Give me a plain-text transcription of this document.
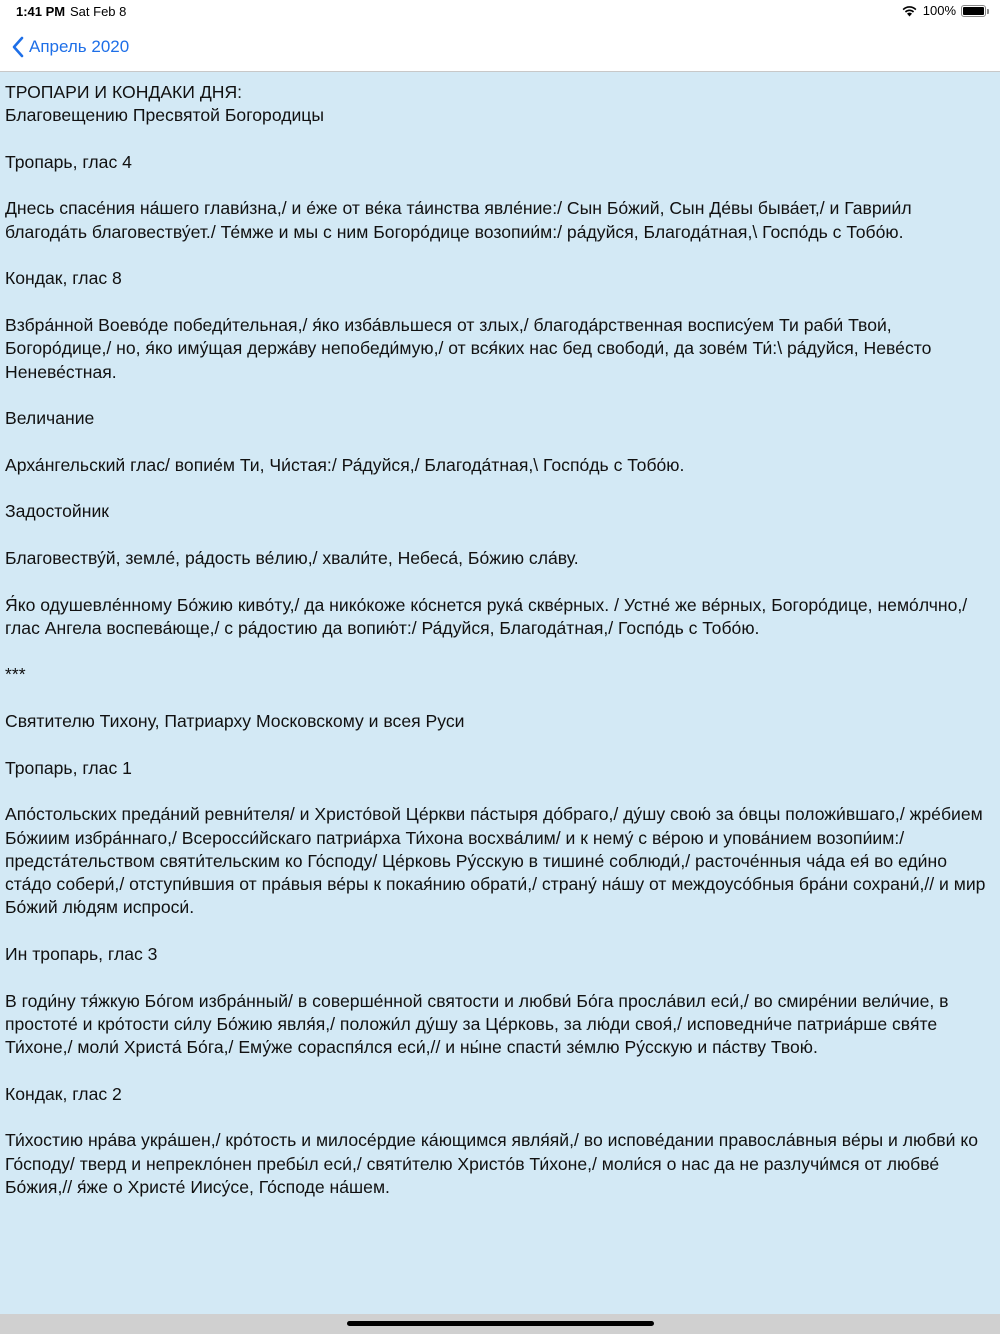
1:41 PM Sat Feb 8	100%
Апрель 2020

ТРОПАРИ И КОНДАКИ ДНЯ:
Благовещению Пресвятой Богородицы

Тропарь, глас 4

Днесь спасе́ния на́шего глави́зна,/ и е́же от ве́ка та́инства явле́ние:/ Сын Бо́жий, Сын Де́вы быва́ет,/ и Гаврии́л благода́ть благовеству́ет./ Те́мже и мы с ним Богоро́дице возопии́м:/ ра́дуйся, Благода́тная,\ Госпо́дь с Тобо́ю.

Кондак, глас 8

Взбра́нной Воево́де победи́тельная,/ я́ко изба́вльшеся от злых,/ благода́рственная воспису́ем Ти раби́ Твои́, Богоро́дице,/ но, я́ко иму́щая держа́ву непобеди́мую,/ от вся́ких нас бед свободи́, да зове́м Ти́:\ ра́дуйся, Неве́сто Неневе́стная.

Величание

Арха́нгельский глас/ вопие́м Ти, Чи́стая:/ Ра́дуйся,/ Благода́тная,\ Госпо́дь с Тобо́ю.

Задостойник

Благовеству́й, земле́, ра́дость ве́лию,/ хвали́те, Небеса́, Бо́жию сла́ву.

Я́ко одушевле́нному Бо́жию киво́ту,/ да нико́коже ко́снется рука́ скве́рных. / Устне́ же ве́рных, Богоро́дице, немо́лчно,/ глас Ангела воспева́юще,/ с ра́достию да вопию́т:/ Ра́дуйся, Благода́тная,/ Госпо́дь с Тобо́ю.

***

Святителю Тихону, Патриарху Московскому и всея Руси

Тропарь, глас 1

Апо́стольских преда́ний ревни́теля/ и Христо́вой Це́ркви па́стыря до́браго,/ ду́шу свою́ за о́вцы положи́вшаго,/ жре́бием Бо́жиим избра́ннаго,/ Всеросси́йскаго патриа́рха Ти́хона восхва́лим/ и к нему́ с ве́рою и упова́нием возопи́им:/ предста́тельством святи́тельским ко Го́споду/ Це́рковь Ру́сскую в тишине́ соблюди́,/ расточе́нныя ча́да ея́ во еди́но ста́до собери́,/ отступи́вшия от пра́выя ве́ры к покая́нию обрати́,/ страну́ на́шу от междоусо́бныя бра́ни сохрани́,// и мир Бо́жий лю́дям испроси́.

Ин тропарь, глас 3

В годи́ну тя́жкую Бо́гом избра́нный/ в соверше́нной святости и любви́ Бо́га просла́вил еси́,/ во смире́нии вели́чие, в простоте́ и кро́тости си́лу Бо́жию явля́я,/ положи́л ду́шу за Це́рковь, за лю́ди своя́,/ исповедни́че патриа́рше свя́те Ти́хоне,/ моли́ Христа́ Бо́га,/ Ему́же сораспя́лся еси́,// и ны́не спасти́ зе́млю Ру́сскую и па́ству Твою́.

Кондак, глас 2

Ти́хостию нра́ва укра́шен,/ кро́тость и милосе́рдие ка́ющимся явля́яй,/ во испове́дании правосла́вныя ве́ры и любви́ ко Го́споду/ тверд и непрекло́нен пребы́л еси́,/ святи́телю Христо́в Ти́хоне,/ моли́ся о нас да не разлучи́мся от любве́ Бо́жия,// я́же о Христе́ Иису́се, Го́споде на́шем.
